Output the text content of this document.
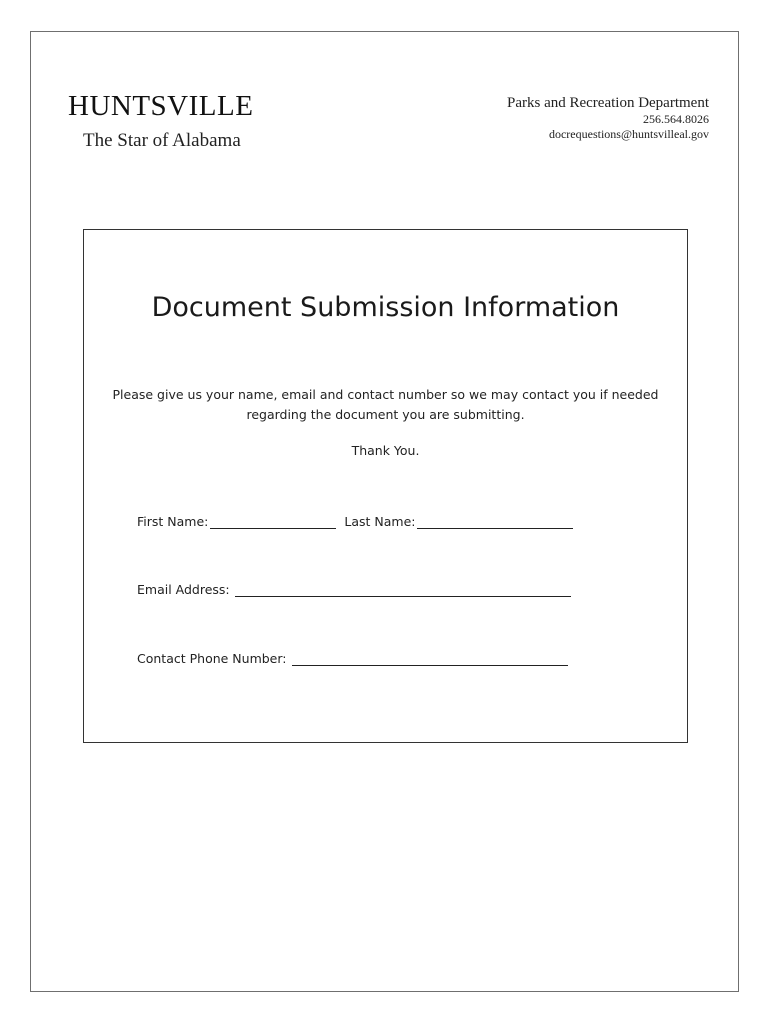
HUNTSVILLE
The Star of Alabama
Parks and Recreation Department
256.564.8026
docrequestions@huntsvilleal.gov
Document Submission Information
Please give us your name, email and contact number so we may contact you if needed
regarding the document you are submitting.
Thank You.
First Name:	Last Name:
Email Address:
Contact Phone Number:
